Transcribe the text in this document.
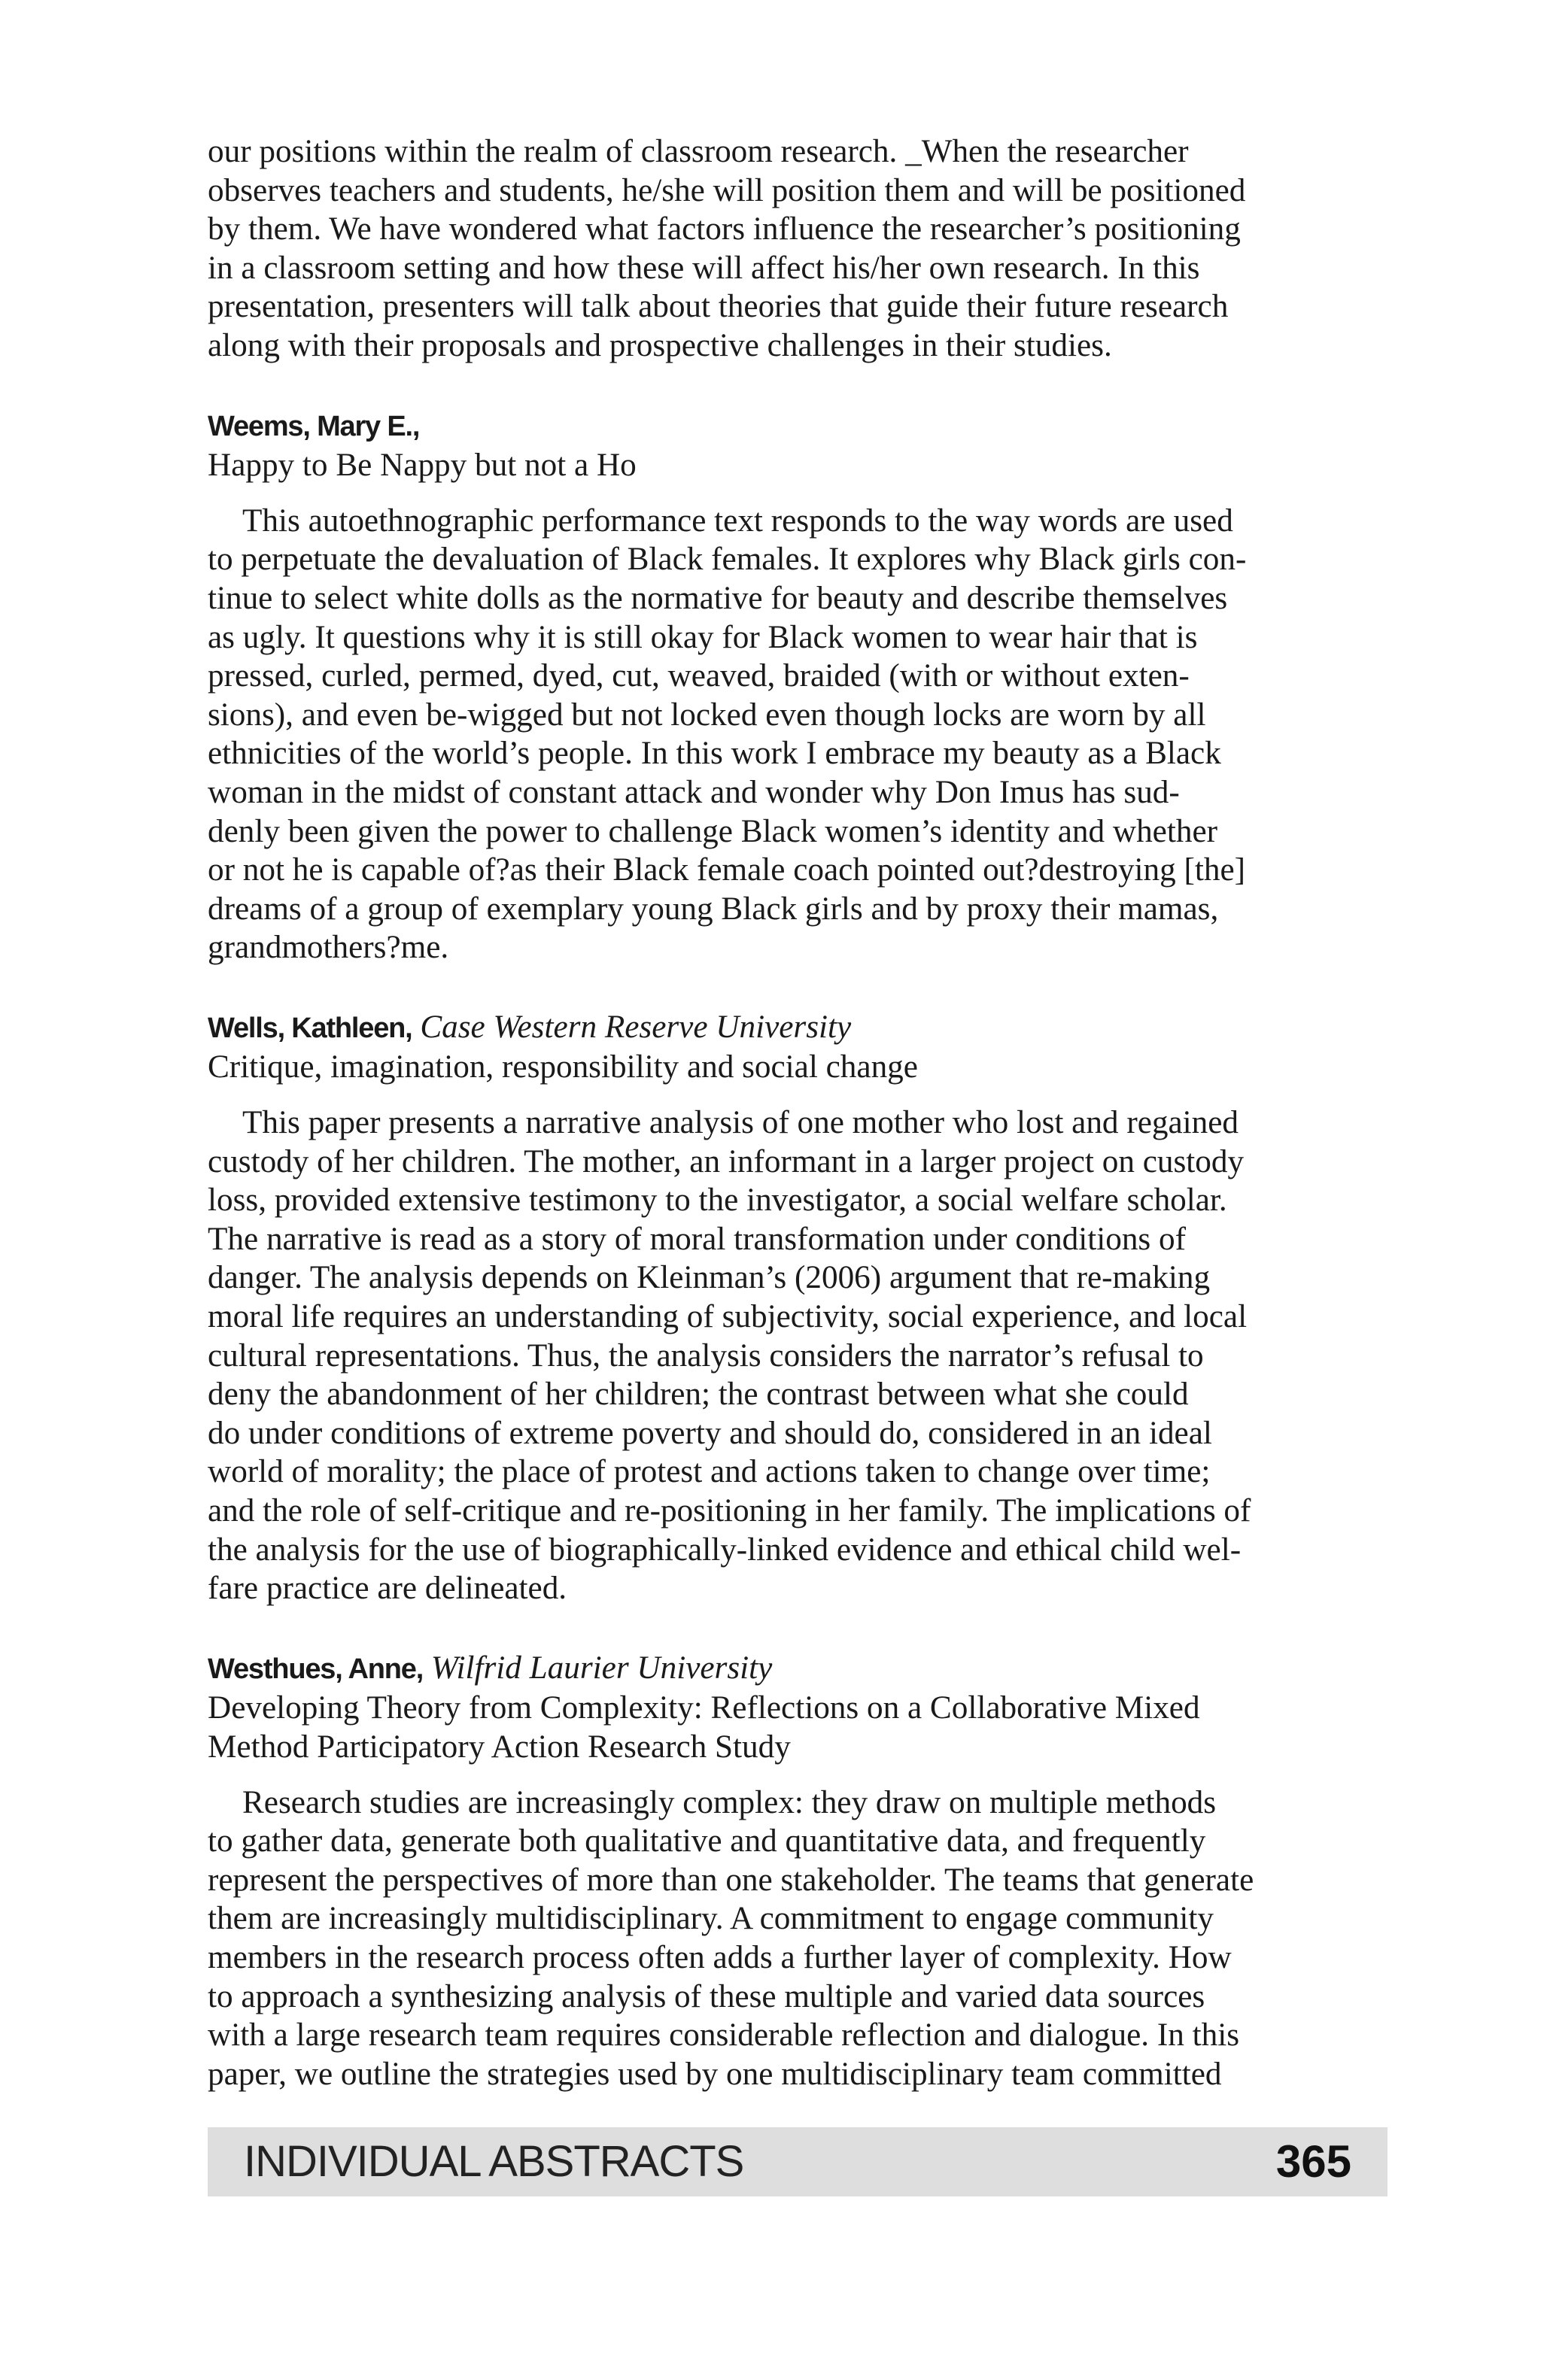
our positions within the realm of classroom research. _When the researcher
observes teachers and students, he/she will position them and will be positioned
by them. We have wondered what factors influence the researcher’s positioning
in a classroom setting and how these will affect his/her own research. In this
presentation, presenters will talk about theories that guide their future research
along with their proposals and prospective challenges in their studies.

Weems, Mary E.,

Happy to Be Nappy but not a Ho

This autoethnographic performance text responds to the way words are used
to perpetuate the devaluation of Black females. It explores why Black girls con-
tinue to select white dolls as the normative for beauty and describe themselves
as ugly. It questions why it is still okay for Black women to wear hair that is
pressed, curled, permed, dyed, cut, weaved, braided (with or without exten-
sions), and even be-wigged but not locked even though locks are worn by all
ethnicities of the world’s people. In this work I embrace my beauty as a Black
woman in the midst of constant attack and wonder why Don Imus has sud-
denly been given the power to challenge Black women’s identity and whether
or not he is capable of?as their Black female coach pointed out?destroying [the]
dreams of a group of exemplary young Black girls and by proxy their mamas,
grandmothers?me.

Wells, Kathleen, Case Western Reserve University

Critique, imagination, responsibility and social change

This paper presents a narrative analysis of one mother who lost and regained
custody of her children. The mother, an informant in a larger project on custody
loss, provided extensive testimony to the investigator, a social welfare scholar.
The narrative is read as a story of moral transformation under conditions of
danger. The analysis depends on Kleinman’s (2006) argument that re-making
moral life requires an understanding of subjectivity, social experience, and local
cultural representations. Thus, the analysis considers the narrator’s refusal to
deny the abandonment of her children; the contrast between what she could
do under conditions of extreme poverty and should do, considered in an ideal
world of morality; the place of protest and actions taken to change over time;
and the role of self-critique and re-positioning in her family. The implications of
the analysis for the use of biographically-linked evidence and ethical child wel-
fare practice are delineated.

Westhues, Anne, Wilfrid Laurier University

Developing Theory from Complexity: Reflections on a Collaborative Mixed

Method Participatory Action Research Study

Research studies are increasingly complex: they draw on multiple methods
to gather data, generate both qualitative and quantitative data, and frequently
represent the perspectives of more than one stakeholder. The teams that generate
them are increasingly multidisciplinary. A commitment to engage community
members in the research process often adds a further layer of complexity. How
to approach a synthesizing analysis of these multiple and varied data sources
with a large research team requires considerable reflection and dialogue. In this
paper, we outline the strategies used by one multidisciplinary team committed

INDIVIDUAL ABSTRACTS	365
